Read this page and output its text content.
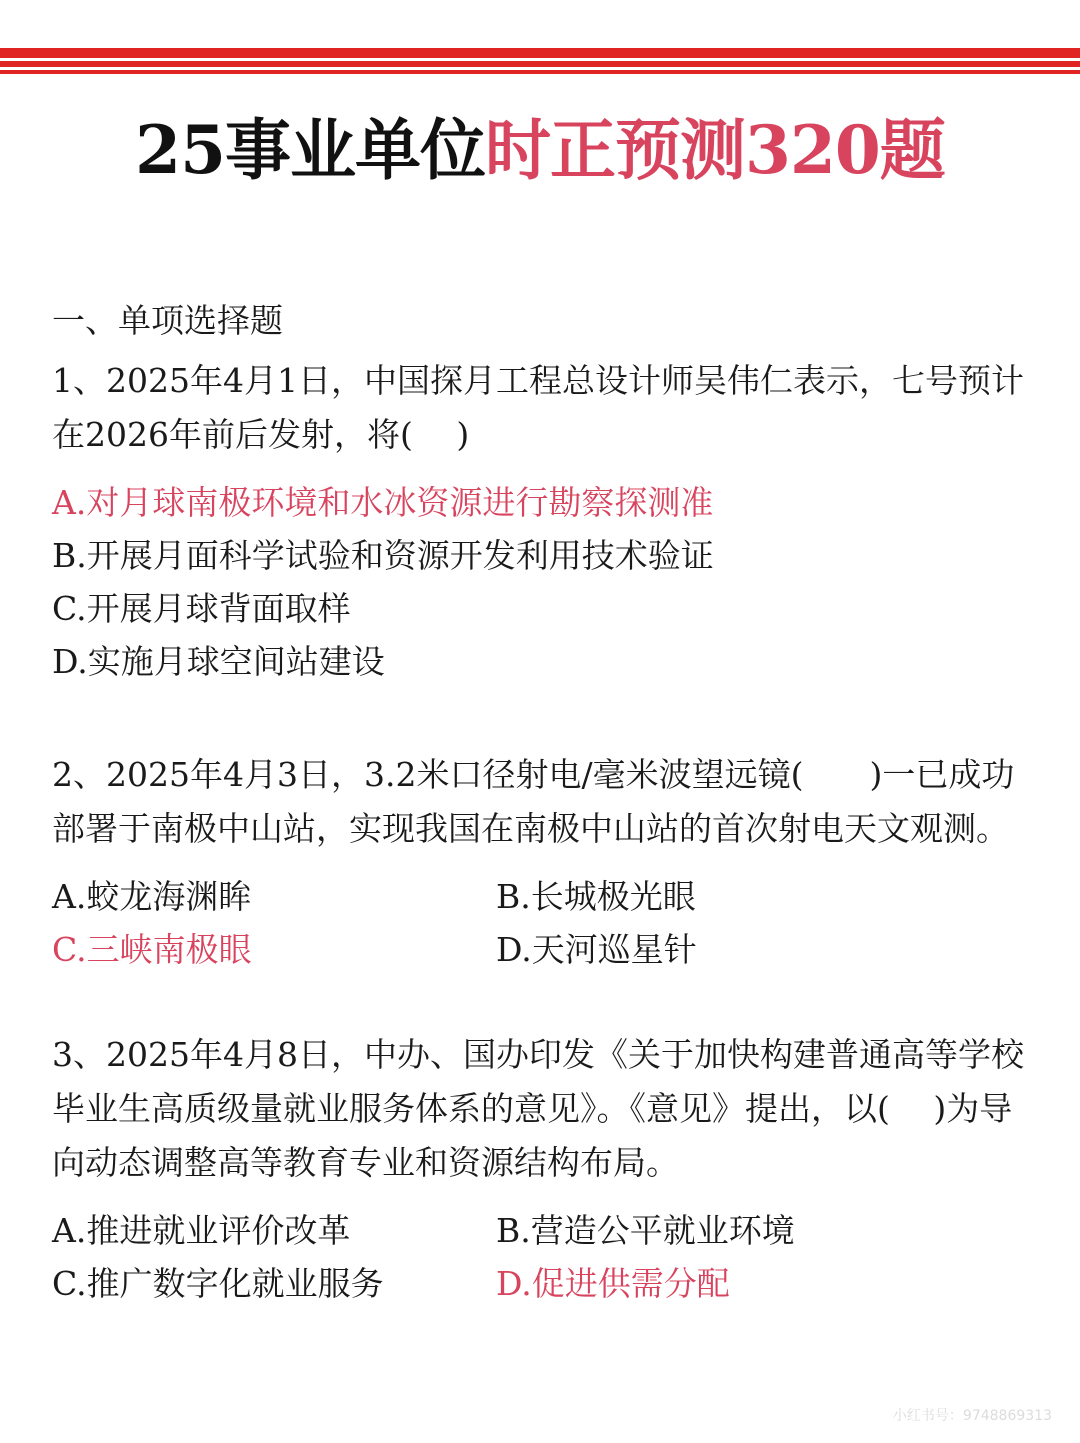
25事业单位时正预测320题
一、单项选择题

1、2025年4月1日，中国探月工程总设计师吴伟仁表示，七号预计在2026年前后发射，将(　 )

A.对月球南极环境和水冰资源进行勘察探测准
B.开展月面科学试验和资源开发利用技术验证
C.开展月球背面取样
D.实施月球空间站建设

2、2025年4月3日，3.2米口径射电/毫米波望远镜(　　)一已成功部署于南极中山站，实现我国在南极中山站的首次射电天文观测。

A.蛟龙海渊眸	B.长城极光眼
C.三峡南极眼	D.天河巡星针

3、2025年4月8日，中办、国办印发《关于加快构建普通高等学校毕业生高质级量就业服务体系的意见》。《意见》提出，以(　 )为导向动态调整高等教育专业和资源结构布局。

A.推进就业评价改革	B.营造公平就业环境
C.推广数字化就业服务	D.促进供需分配
小红书号：9748869313
